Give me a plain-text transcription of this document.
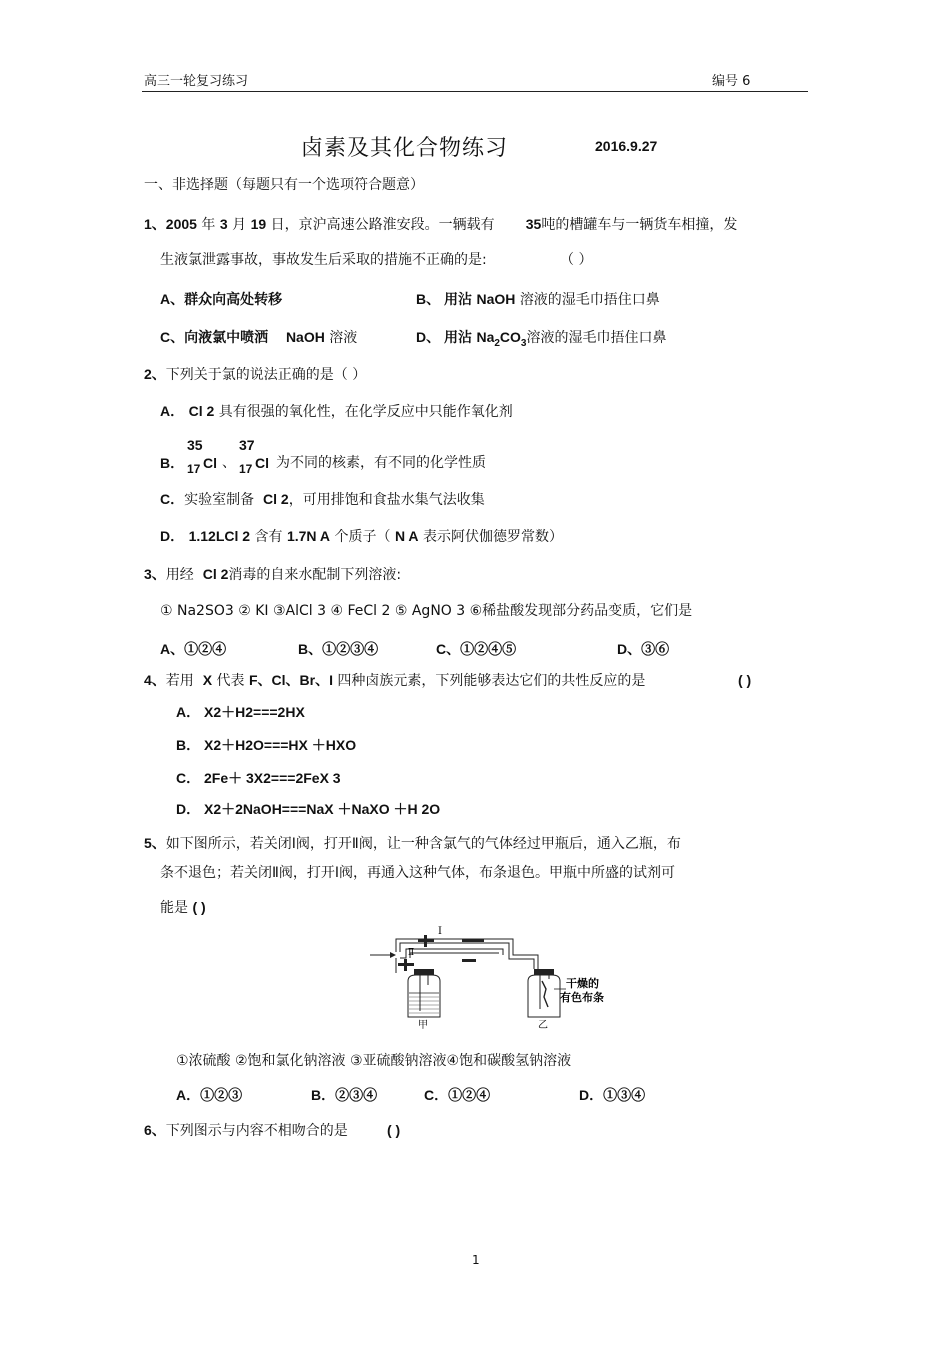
高三一轮复习练习	编号 6
卤素及其化合物练习	2016.9.27
一、非选择题（每题只有一个选项符合题意）
1、2005 年 3 月 19 日，京沪高速公路淮安段。一辆载有 35吨的槽罐车与一辆货车相撞，发
生液氯泄露事故，事故发生后采取的措施不正确的是:	（ ）
A、群众向高处转移	B、 用沾 NaOH 溶液的湿毛巾捂住口鼻
C、向液氯中喷洒 NaOH 溶液	D、 用沾 $Na_2CO_3$溶液的湿毛巾捂住口鼻
2、下列关于氯的说法正确的是（ ）
A． Cl 2 具有很强的氧化性，在化学反应中只能作氧化剂
B．
35
17 Cl 、
37
17 Cl 为不同的核素，有不同的化学性质
C．实验室制备 Cl 2，可用排饱和食盐水集气法收集
D． 1.12LCl 2 含有 1.7N A 个质子（ N A 表示阿伏伽德罗常数）
3、用经 Cl 2消毒的自来水配制下列溶液:
① Na2SO3 ② KI ③AlCl 3 ④ FeCl 2 ⑤ AgNO 3 ⑥稀盐酸发现部分药品变质，它们是
A、①②④	B、①②③④	C、①②④⑤	D、③⑥
4、若用 X 代表 F、Cl、Br、I 四种卤族元素，下列能够表达它们的共性反应的是	( )
A． X2＋H2===2HX
B． X2＋H2O===HX ＋HXO
C． 2Fe＋ 3X2===2FeX 3
D． X2＋2NaOH===NaX ＋NaXO ＋H 2O
5、如下图所示，若关闭Ⅰ阀，打开Ⅱ阀，让一种含氯气的气体经过甲瓶后，通入乙瓶，布
条不退色；若关闭Ⅱ阀，打开Ⅰ阀，再通入这种气体，布条退色。甲瓶中所盛的试剂可
能是 ( )
Ⅰ
Ⅱ
甲	乙
干燥的
有色布条
①浓硫酸 ②饱和氯化钠溶液 ③亚硫酸钠溶液④饱和碳酸氢钠溶液
A．①②③	B．②③④	C．①②④	D．①③④
6、下列图示与内容不相吻合的是	( )
1
